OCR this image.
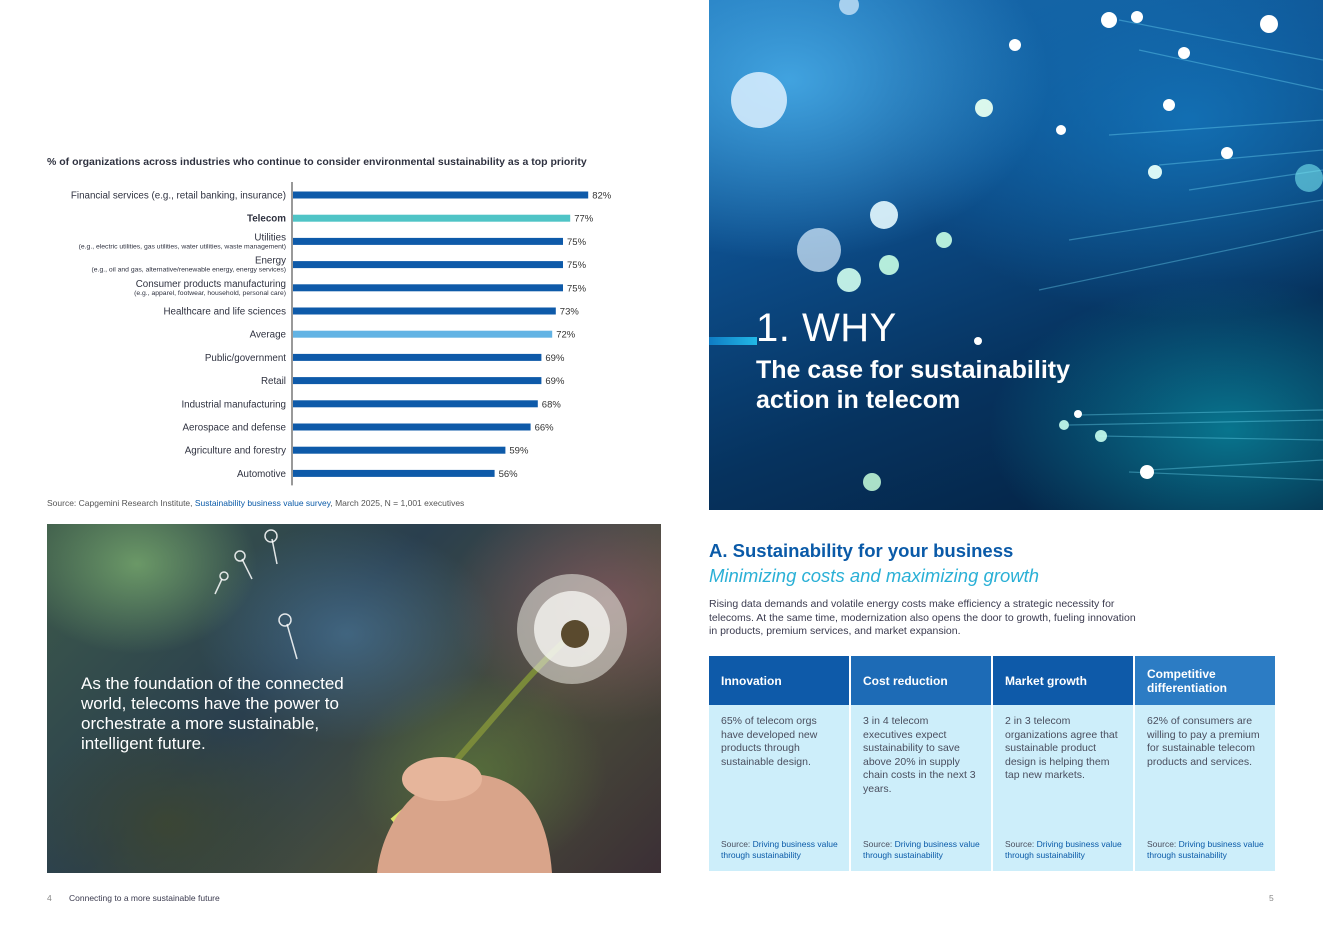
% of organizations across industries who continue to consider environmental sustainability as a top priority
82%
Financial services (e.g., retail banking, insurance)
77%
Telecom
75%
Utilities
(e.g., electric utilities, gas utilities, water utilities, waste management)
75%
Energy
(e.g., oil and gas, alternative/renewable energy, energy services)
75%
Consumer products manufacturing
(e.g., apparel, footwear, household, personal care)
73%
Healthcare and life sciences
72%
Average
69%
Public/government
69%
Retail
68%
Industrial manufacturing
66%
Aerospace and defense
59%
Agriculture and forestry
56%
Automotive
Source: Capgemini Research Institute, Sustainability business value survey, March 2025, N = 1,001 executives
As the foundation of the connected world, telecoms have the power to orchestrate a more sustainable, intelligent future.
1. WHY
The case for sustainability action in telecom
A. Sustainability for your business
Minimizing costs and maximizing growth
Rising data demands and volatile energy costs make efficiency a strategic necessity for telecoms. At the same time, modernization also opens the door to growth, fueling innovation in products, premium services, and market expansion.
Innovation
65% of telecom orgs have developed new products through sustainable design.
Source: Driving business value through sustainability
Cost reduction
3 in 4 telecom executives expect sustainability to save above 20% in supply chain costs in the next 3 years.
Source: Driving business value through sustainability
Market growth
2 in 3 telecom organizations agree that sustainable product design is helping them tap new markets.
Source: Driving business value through sustainability
Competitive differentiation
62% of consumers are willing to pay a premium for sustainable telecom products and services.
Source: Driving business value through sustainability
4 Connecting to a more sustainable future	5
